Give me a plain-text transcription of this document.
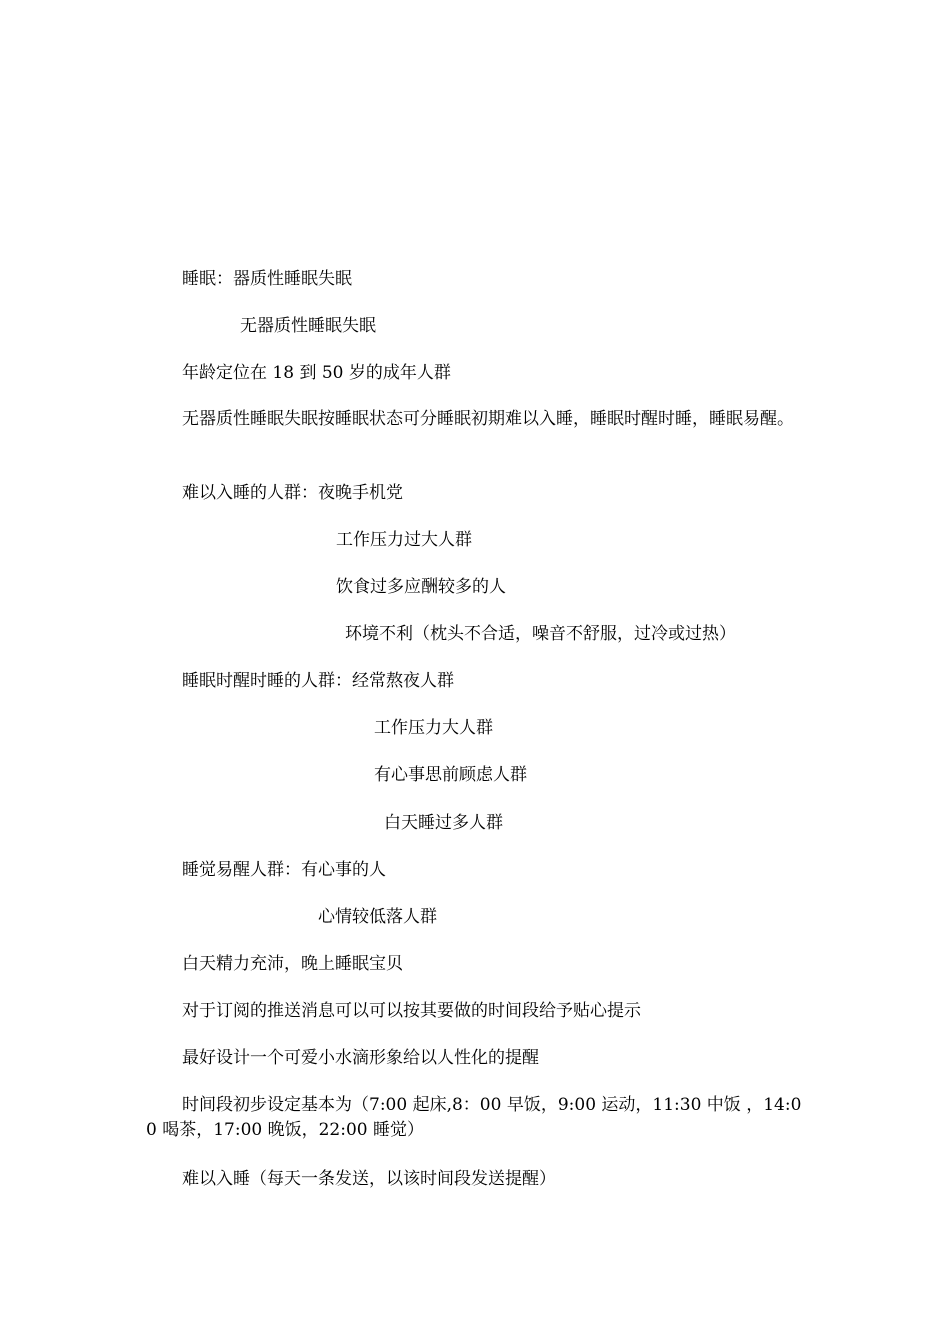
睡眠：器质性睡眠失眠
无器质性睡眠失眠
年龄定位在 18 到 50 岁的成年人群
无器质性睡眠失眠按睡眠状态可分睡眠初期难以入睡，睡眠时醒时睡，睡眠易醒。
难以入睡的人群：夜晚手机党
工作压力过大人群
饮食过多应酬较多的人
环境不利（枕头不合适，噪音不舒服，过冷或过热）
睡眠时醒时睡的人群：经常熬夜人群
工作压力大人群
有心事思前顾虑人群
白天睡过多人群
睡觉易醒人群：有心事的人
心情较低落人群
白天精力充沛，晚上睡眠宝贝
对于订阅的推送消息可以可以按其要做的时间段给予贴心提示
最好设计一个可爱小水滴形象给以人性化的提醒
时间段初步设定基本为（7:00 起床,8：00 早饭，9:00 运动，11:30 中饭 ，14:00 喝茶，17:00 晚饭，22:00 睡觉）
难以入睡（每天一条发送，以该时间段发送提醒）
